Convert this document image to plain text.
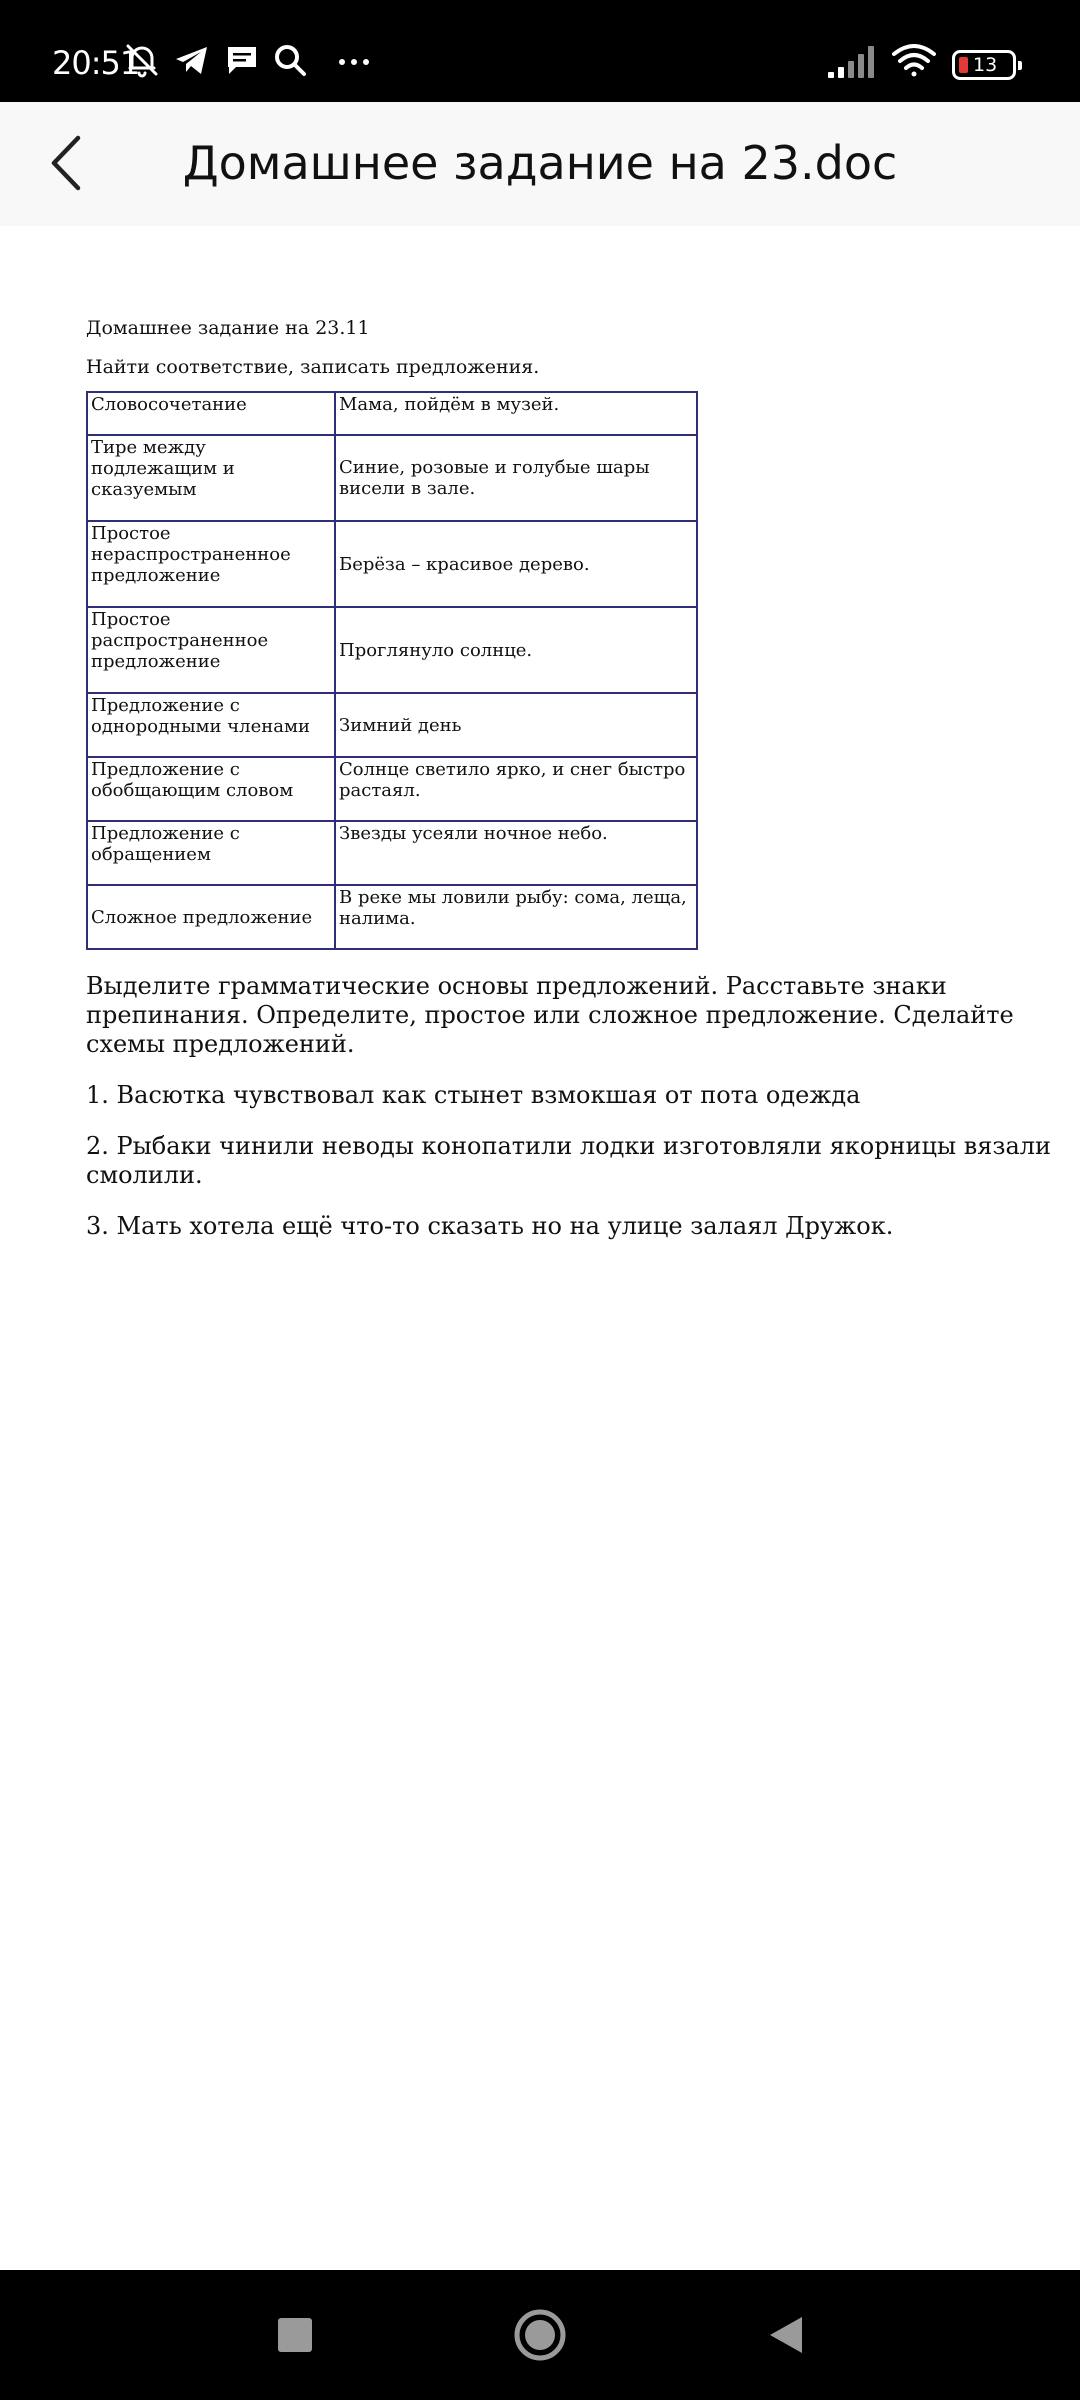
20:51	13
Домашнее задание на 23.doc

Домашнее задание на 23.11

Найти соответствие, записать предложения.

Словосочетание	Мама, пойдём в музей.
Тире между подлежащим и сказуемым	Синие, розовые и голубые шары висели в зале.
Простое нераспространенное предложение	Берёза – красивое дерево.
Простое распространенное предложение	Проглянуло солнце.
Предложение с однородными членами	Зимний день
Предложение с обобщающим словом	Солнце светило ярко, и снег быстро растаял.
Предложение с обращением	Звезды усеяли ночное небо.
Сложное предложение	В реке мы ловили рыбу: сома, леща, налима.

Выделите грамматические основы предложений. Расставьте знаки препинания. Определите, простое или сложное предложение. Сделайте схемы предложений.

1. Васютка чувствовал как стынет взмокшая от пота одежда

2. Рыбаки чинили неводы конопатили лодки изготовляли якорницы вязали смолили.

3. Мать хотела ещё что-то сказать но на улице залаял Дружок.
